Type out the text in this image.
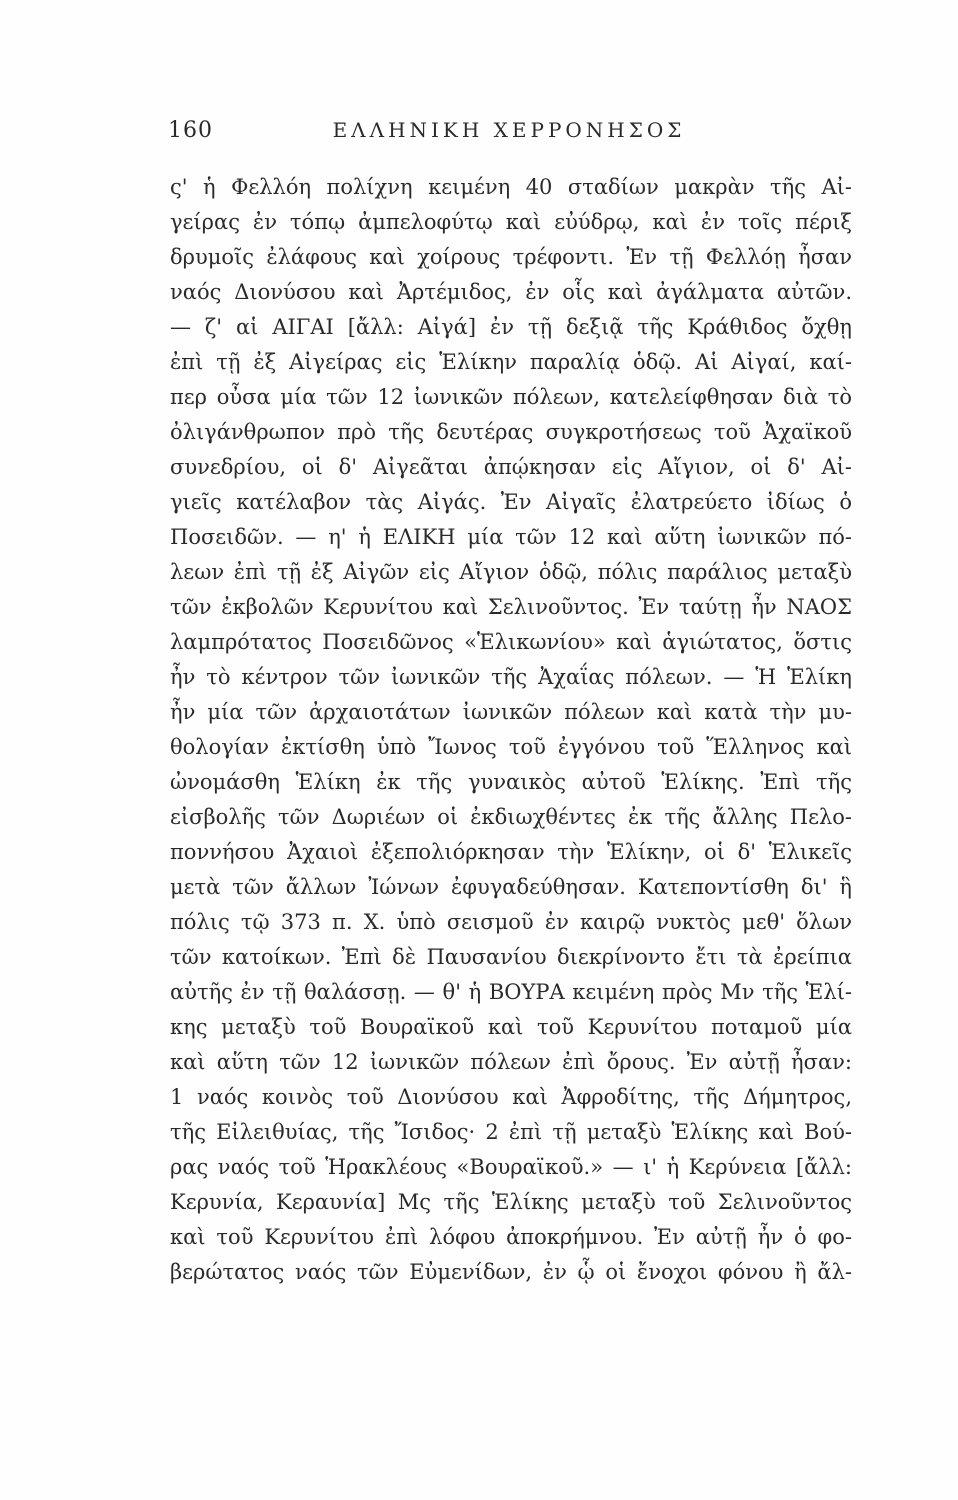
160	ΕΛΛΗΝΙΚΗ ΧΕΡΡΟΝΗΣΟΣ
ς' ἡ Φελλόη πολίχνη κειμένη 40 σταδίων μακρὰν τῆς Αἰ-
γείρας ἐν τόπῳ ἀμπελοφύτῳ καὶ εὐύδρῳ, καὶ ἐν τοῖς πέριξ
δρυμοῖς ἐλάφους καὶ χοίρους τρέφοντι. Ἐν τῇ Φελλόῃ ἦσαν
ναός Διονύσου καὶ Ἀρτέμιδος, ἐν οἷς καὶ ἀγάλματα αὐτῶν.
— ζ' αἱ ΑΙΓΑΙ [ἄλλ: Αἰγά] ἐν τῇ δεξιᾷ τῆς Κράθιδος ὄχθῃ
ἐπὶ τῇ ἐξ Αἰγείρας εἰς Ἑλίκην παραλίᾳ ὁδῷ. Αἱ Αἰγαί, καί-
περ οὖσα μία τῶν 12 ἰωνικῶν πόλεων, κατελείφθησαν διὰ τὸ
ὀλιγάνθρωπον πρὸ τῆς δευτέρας συγκροτήσεως τοῦ Ἀχαϊκοῦ
συνεδρίου, οἱ δ' Αἰγεᾶται ἀπῴκησαν εἰς Αἴγιον, οἱ δ' Αἰ-
γιεῖς κατέλαβον τὰς Αἰγάς. Ἐν Αἰγαῖς ἐλατρεύετο ἰδίως ὁ
Ποσειδῶν. — η' ἡ ΕΛΙΚΗ μία τῶν 12 καὶ αὕτη ἰωνικῶν πό-
λεων ἐπὶ τῇ ἐξ Αἰγῶν εἰς Αἴγιον ὁδῷ, πόλις παράλιος μεταξὺ
τῶν ἐκβολῶν Κερυνίτου καὶ Σελινοῦντος. Ἐν ταύτῃ ἦν ΝΑΟΣ
λαμπρότατος Ποσειδῶνος «Ἑλικωνίου» καὶ ἁγιώτατος, ὅστις
ἦν τὸ κέντρον τῶν ἰωνικῶν τῆς Ἀχαΐας πόλεων. — Ἡ Ἑλίκη
ἦν μία τῶν ἀρχαιοτάτων ἰωνικῶν πόλεων καὶ κατὰ τὴν μυ-
θολογίαν ἐκτίσθη ὑπὸ Ἴωνος τοῦ ἐγγόνου τοῦ Ἕλληνος καὶ
ὠνομάσθη Ἑλίκη ἐκ τῆς γυναικὸς αὐτοῦ Ἑλίκης. Ἐπὶ τῆς
εἰσβολῆς τῶν Δωριέων οἱ ἐκδιωχθέντες ἐκ τῆς ἄλλης Πελο-
ποννήσου Ἀχαιοὶ ἐξεπολιόρκησαν τὴν Ἑλίκην, οἱ δ' Ἑλικεῖς
μετὰ τῶν ἄλλων Ἰώνων ἐφυγαδεύθησαν. Κατεποντίσθη δι' ἣ
πόλις τῷ 373 π. Χ. ὑπὸ σεισμοῦ ἐν καιρῷ νυκτὸς μεθ' ὅλων
τῶν κατοίκων. Ἐπὶ δὲ Παυσανίου διεκρίνοντο ἔτι τὰ ἐρείπια
αὐτῆς ἐν τῇ θαλάσσῃ. — θ' ἡ ΒΟΥΡΑ κειμένη πρὸς Μν τῆς Ἑλί-
κης μεταξὺ τοῦ Βουραϊκοῦ καὶ τοῦ Κερυνίτου ποταμοῦ μία
καὶ αὕτη τῶν 12 ἰωνικῶν πόλεων ἐπὶ ὄρους. Ἐν αὐτῇ ἦσαν:
1 ναός κοινὸς τοῦ Διονύσου καὶ Ἀφροδίτης, τῆς Δήμητρος,
τῆς Εἰλειθυίας, τῆς Ἴσιδος· 2 ἐπὶ τῇ μεταξὺ Ἑλίκης καὶ Βού-
ρας ναός τοῦ Ἡρακλέους «Βουραϊκοῦ.» — ι' ἡ Κερύνεια [ἄλλ:
Κερυνία, Κεραυνία] Μς τῆς Ἑλίκης μεταξὺ τοῦ Σελινοῦντος
καὶ τοῦ Κερυνίτου ἐπὶ λόφου ἀποκρήμνου. Ἐν αὐτῇ ἦν ὁ φο-
βερώτατος ναός τῶν Εὐμενίδων, ἐν ᾧ οἱ ἔνοχοι φόνου ἢ ἄλ-
